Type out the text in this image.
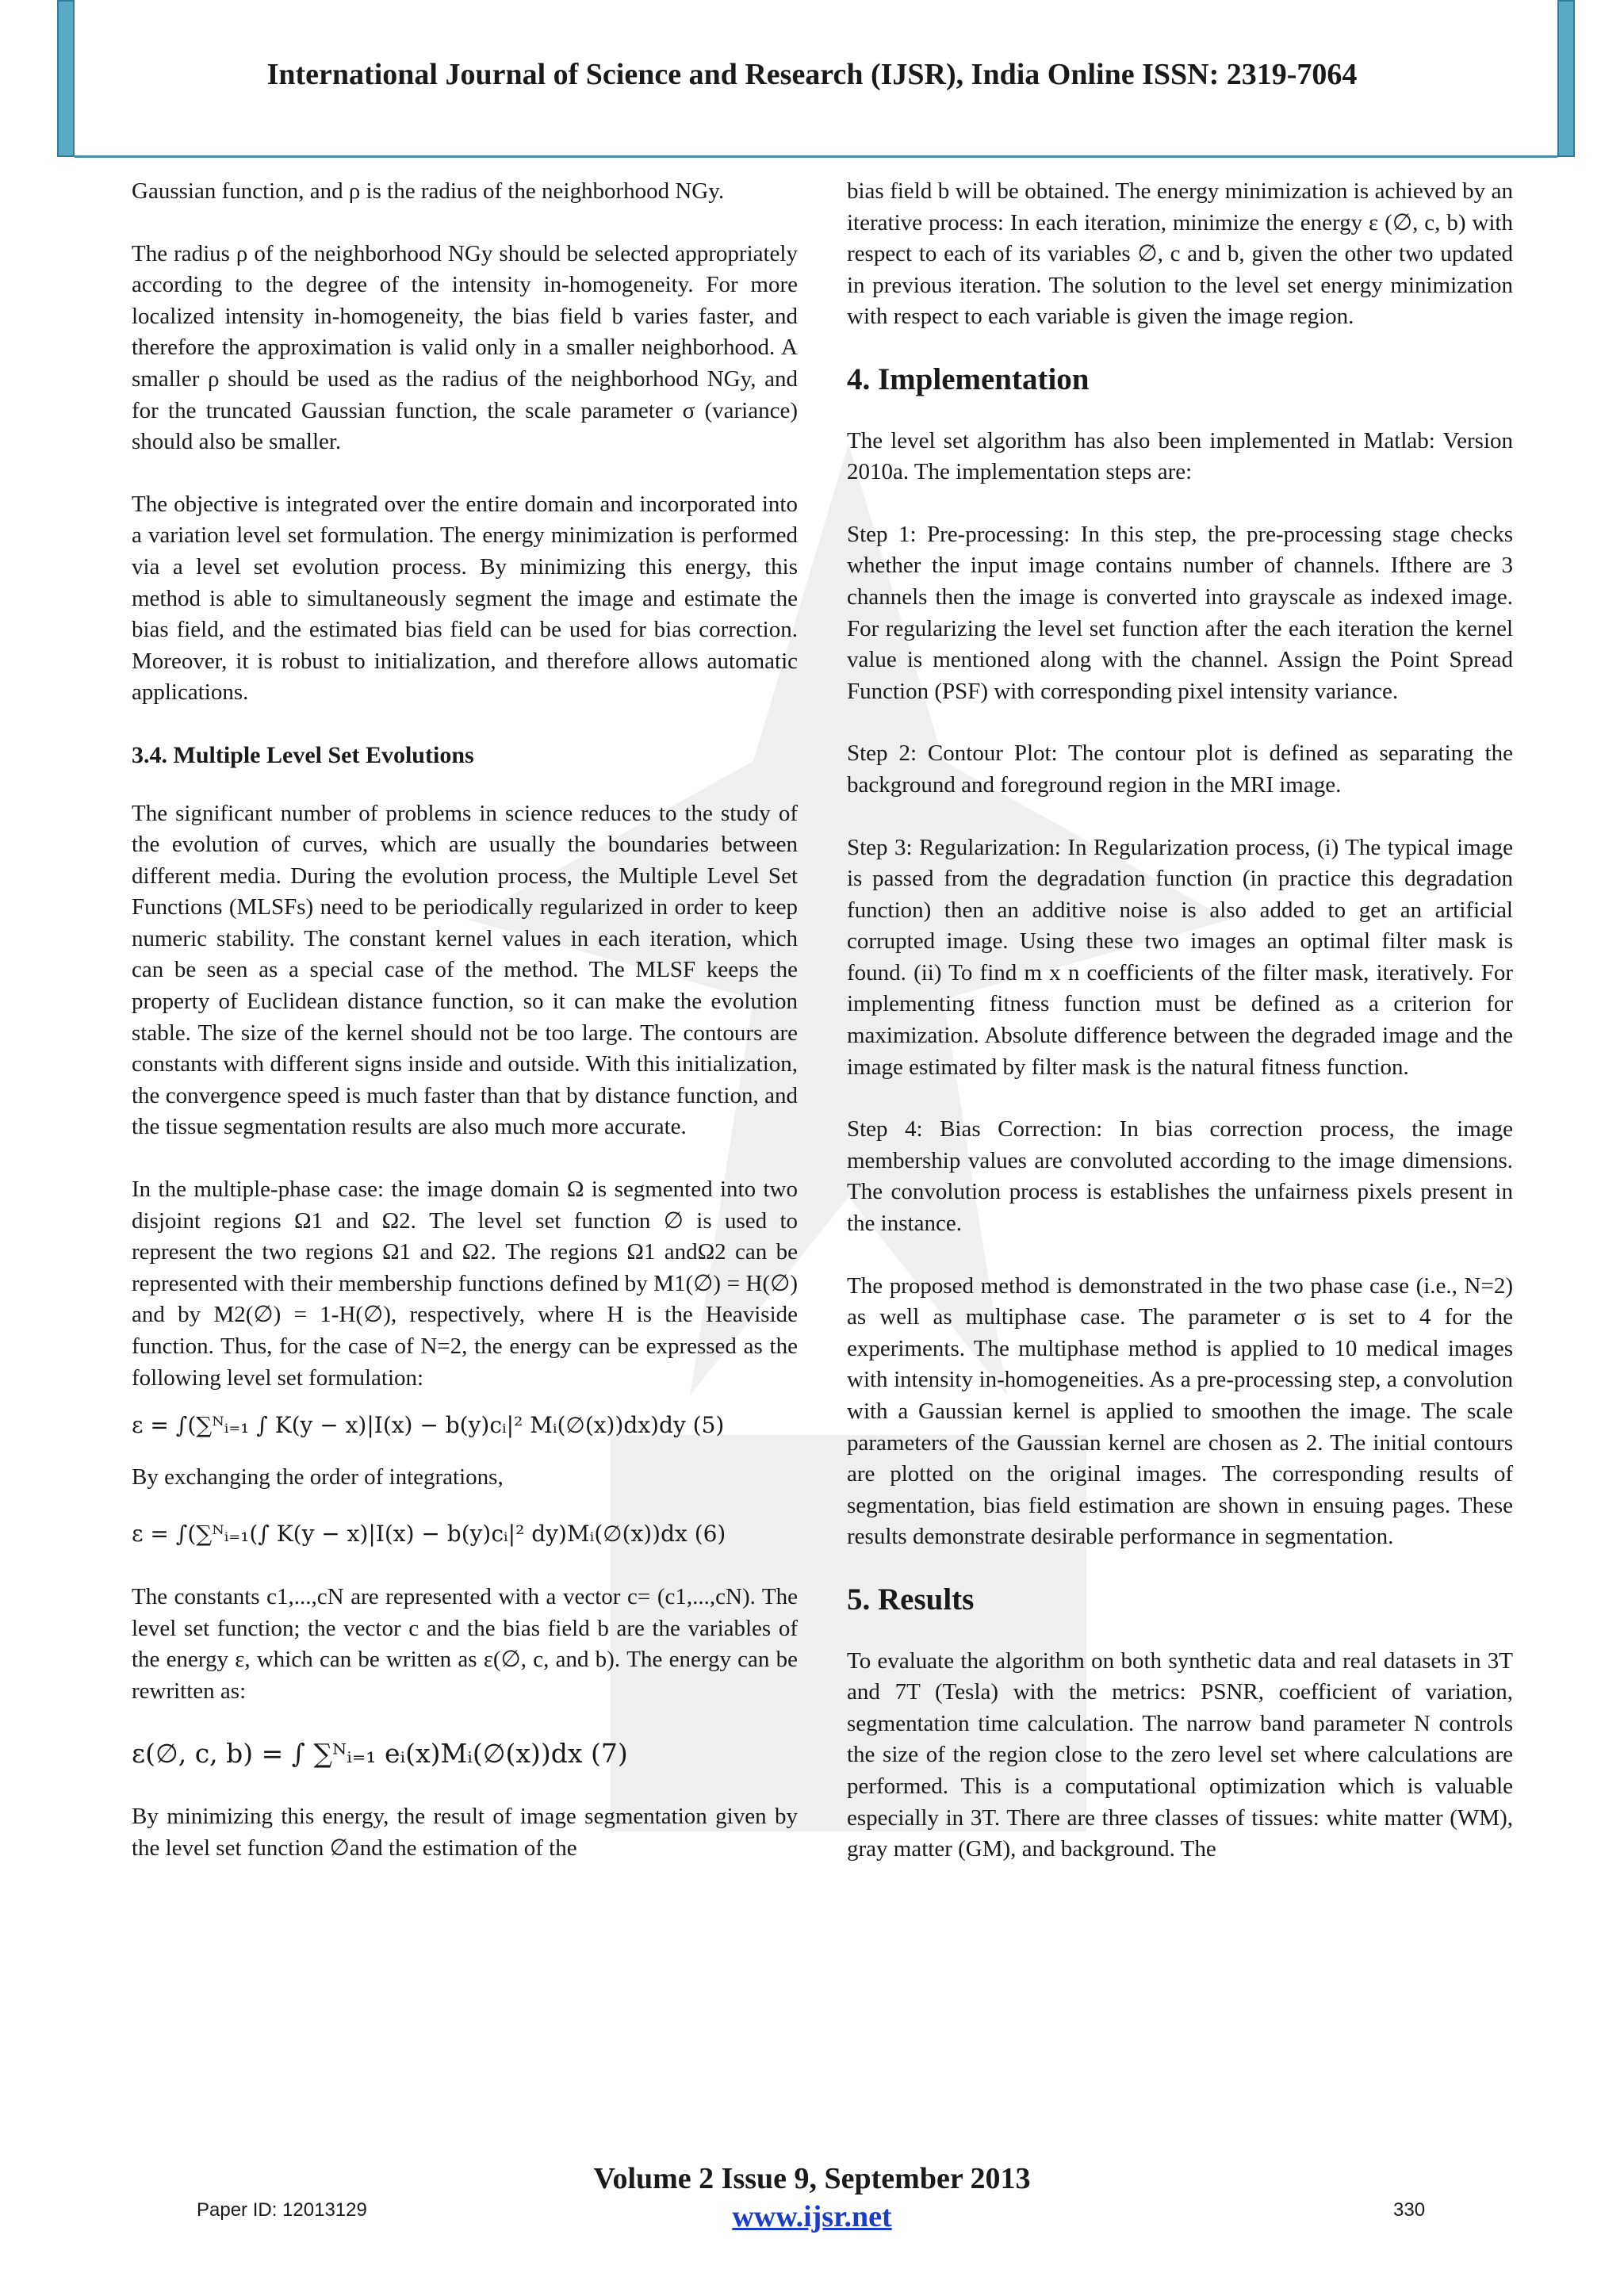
International Journal of Science and Research (IJSR), India Online ISSN: 2319-7064

Gaussian function, and ρ is the radius of the neighborhood NGy.

The radius ρ of the neighborhood NGy should be selected appropriately according to the degree of the intensity in-homogeneity. For more localized intensity in-homogeneity, the bias field b varies faster, and therefore the approximation is valid only in a smaller neighborhood. A smaller ρ should be used as the radius of the neighborhood NGy, and for the truncated Gaussian function, the scale parameter σ (variance) should also be smaller.

The objective is integrated over the entire domain and incorporated into a variation level set formulation. The energy minimization is performed via a level set evolution process. By minimizing this energy, this method is able to simultaneously segment the image and estimate the bias field, and the estimated bias field can be used for bias correction. Moreover, it is robust to initialization, and therefore allows automatic applications.

3.4. Multiple Level Set Evolutions

The significant number of problems in science reduces to the study of the evolution of curves, which are usually the boundaries between different media. During the evolution process, the Multiple Level Set Functions (MLSFs) need to be periodically regularized in order to keep numeric stability. The constant kernel values in each iteration, which can be seen as a special case of the method. The MLSF keeps the property of Euclidean distance function, so it can make the evolution stable. The size of the kernel should not be too large. The contours are constants with different signs inside and outside. With this initialization, the convergence speed is much faster than that by distance function, and the tissue segmentation results are also much more accurate.

In the multiple-phase case: the image domain Ω is segmented into two disjoint regions Ω1 and Ω2. The level set function ∅ is used to represent the two regions Ω1 and Ω2. The regions Ω1 andΩ2 can be represented with their membership functions defined by M1(∅) = H(∅) and by M2(∅) = 1-H(∅), respectively, where H is the Heaviside function. Thus, for the case of N=2, the energy can be expressed as the following level set formulation:

ε = ∫(∑ᴺᵢ₌₁ ∫ K(y − x)|I(x) − b(y)cᵢ|² Mᵢ(∅(x))dx)dy (5)

By exchanging the order of integrations,

ε = ∫(∑ᴺᵢ₌₁(∫ K(y − x)|I(x) − b(y)cᵢ|² dy)Mᵢ(∅(x))dx (6)

The constants c1,...,cN are represented with a vector c= (c1,...,cN). The level set function; the vector c and the bias field b are the variables of the energy ε, which can be written as ε(∅, c, and b). The energy can be rewritten as:

ε(∅, c, b) = ∫ ∑ᴺᵢ₌₁ eᵢ(x)Mᵢ(∅(x))dx (7)

By minimizing this energy, the result of image segmentation given by the level set function ∅and the estimation of the

bias field b will be obtained. The energy minimization is achieved by an iterative process: In each iteration, minimize the energy ε (∅, c, b) with respect to each of its variables ∅, c and b, given the other two updated in previous iteration. The solution to the level set energy minimization with respect to each variable is given the image region.

4. Implementation

The level set algorithm has also been implemented in Matlab: Version 2010a. The implementation steps are:

Step 1: Pre-processing: In this step, the pre-processing stage checks whether the input image contains number of channels. Ifthere are 3 channels then the image is converted into grayscale as indexed image. For regularizing the level set function after the each iteration the kernel value is mentioned along with the channel. Assign the Point Spread Function (PSF) with corresponding pixel intensity variance.

Step 2: Contour Plot: The contour plot is defined as separating the background and foreground region in the MRI image.

Step 3: Regularization: In Regularization process, (i) The typical image is passed from the degradation function (in practice this degradation function) then an additive noise is also added to get an artificial corrupted image. Using these two images an optimal filter mask is found. (ii) To find m x n coefficients of the filter mask, iteratively. For implementing fitness function must be defined as a criterion for maximization. Absolute difference between the degraded image and the image estimated by filter mask is the natural fitness function.

Step 4: Bias Correction: In bias correction process, the image membership values are convoluted according to the image dimensions. The convolution process is establishes the unfairness pixels present in the instance.

The proposed method is demonstrated in the two phase case (i.e., N=2) as well as multiphase case. The parameter σ is set to 4 for the experiments. The multiphase method is applied to 10 medical images with intensity in-homogeneities. As a pre-processing step, a convolution with a Gaussian kernel is applied to smoothen the image. The scale parameters of the Gaussian kernel are chosen as 2. The initial contours are plotted on the original images. The corresponding results of segmentation, bias field estimation are shown in ensuing pages. These results demonstrate desirable performance in segmentation.

5. Results

To evaluate the algorithm on both synthetic data and real datasets in 3T and 7T (Tesla) with the metrics: PSNR, coefficient of variation, segmentation time calculation. The narrow band parameter N controls the size of the region close to the zero level set where calculations are performed. This is a computational optimization which is valuable especially in 3T. There are three classes of tissues: white matter (WM), gray matter (GM), and background. The

Volume 2 Issue 9, September 2013
www.ijsr.net
Paper ID: 12013129	330
